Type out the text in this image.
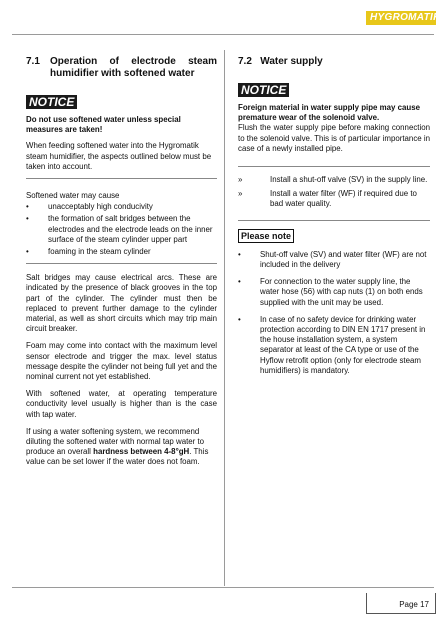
HYGROMATIK
7.1 Operation of electrode steam humidifier with softened water
NOTICE

Do not use softened water unless special measures are taken!

When feeding softened water into the Hygromatik steam humidifier, the aspects outlined below must be taken into account.

Softened water may cause

• unacceptably high conducivity
• the formation of salt bridges between the electrodes and the electrode leads on the inner surface of the steam cylinder upper part
• foaming in the steam cylinder

Salt bridges may cause electrical arcs. These are indicated by the presence of black grooves in the top part of the cylinder. The cylinder must then be replaced to prevent further damage to the cylinder material, as well as short circuits which may trip main circuit breaker.

Foam may come into contact with the maximum level sensor electrode and trigger the max. level status message despite the cylinder not being full yet and the nominal current not yet established.

With softened water, at operating temperature conductivity level usually is higher than is the case with tap water.

If using a water softening system, we recommend diluting the softened water with normal tap water to produce an overall hardness between 4-8°gH. This value can be set lower if the water does not foam.

7.2 Water supply
NOTICE

Foreign material in water supply pipe may cause premature wear of the solenoid valve.

Flush the water supply pipe before making connection to the solenoid valve. This is of particular importance in case of a newly installed pipe.

»	Install a shut-off valve (SV) in the supply line.
»	Install a water filter (WF) if required due to bad water quality.
Please note
• Shut-off valve (SV) and water filter (WF) are not included in the delivery
• For connection to the water supply line, the water hose (56) with cap nuts (1) on both ends supplied with the unit may be used.
• In case of no safety device for drinking water protection according to DIN EN 1717 present in the house installation system, a system separator at least of the CA type or use of the Hyflow retrofit option (only for electrode steam humidifiers) is mandatory.
Page 17
